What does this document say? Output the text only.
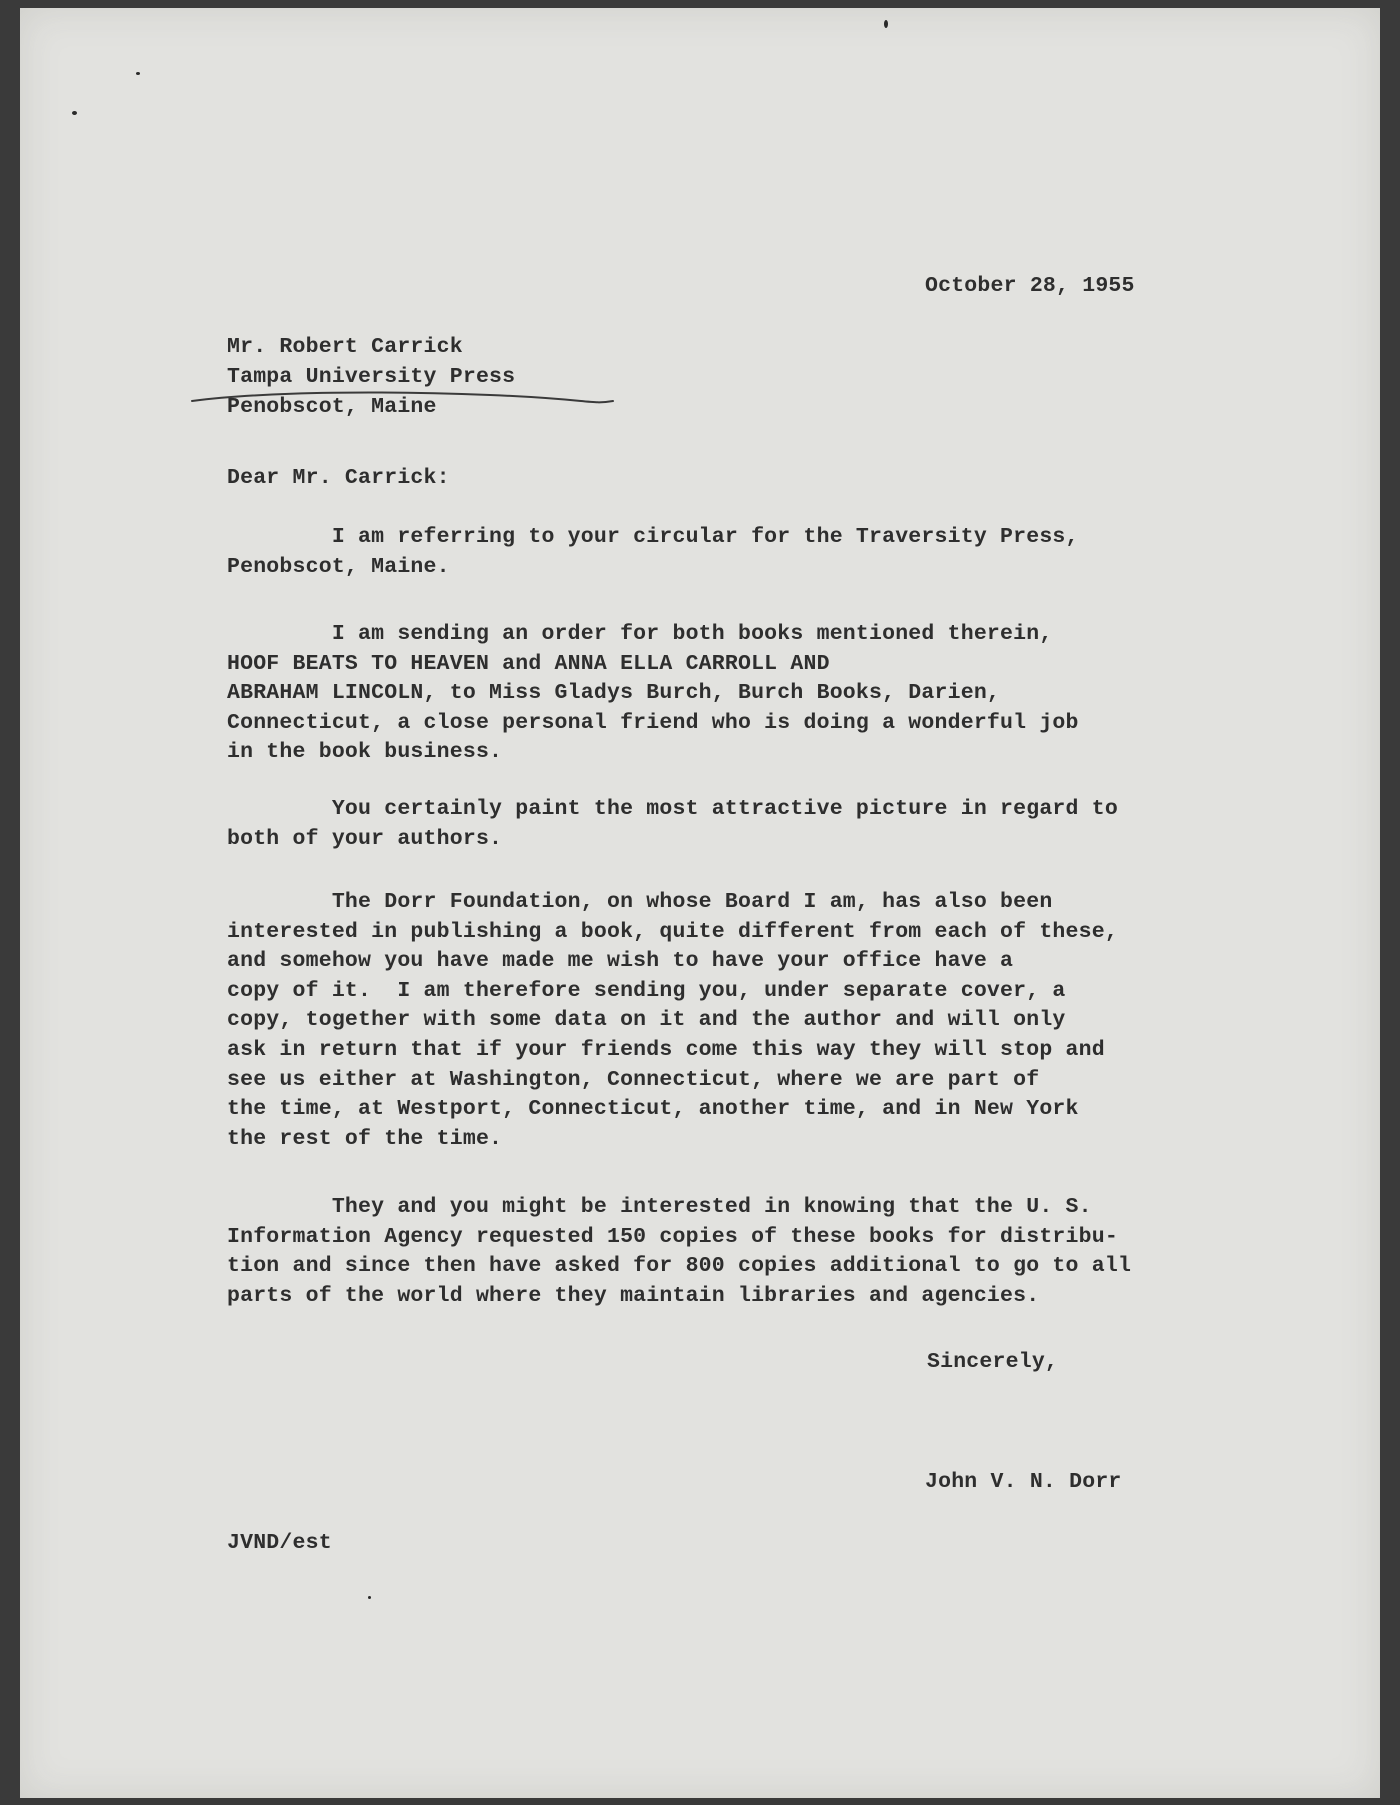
October 28, 1955

Mr. Robert Carrick
Tampa University Press
Penobscot, Maine

Dear Mr. Carrick:

I am referring to your circular for the Traversity Press,
Penobscot, Maine.

I am sending an order for both books mentioned therein,
HOOF BEATS TO HEAVEN and ANNA ELLA CARROLL AND
ABRAHAM LINCOLN, to Miss Gladys Burch, Burch Books, Darien,
Connecticut, a close personal friend who is doing a wonderful job
in the book business.

You certainly paint the most attractive picture in regard to
both of your authors.

The Dorr Foundation, on whose Board I am, has also been
interested in publishing a book, quite different from each of these,
and somehow you have made me wish to have your office have a
copy of it.  I am therefore sending you, under separate cover, a
copy, together with some data on it and the author and will only
ask in return that if your friends come this way they will stop and
see us either at Washington, Connecticut, where we are part of
the time, at Westport, Connecticut, another time, and in New York
the rest of the time.

They and you might be interested in knowing that the U. S.
Information Agency requested 150 copies of these books for distribu-
tion and since then have asked for 800 copies additional to go to all
parts of the world where they maintain libraries and agencies.

Sincerely,

John V. N. Dorr

JVND/est
